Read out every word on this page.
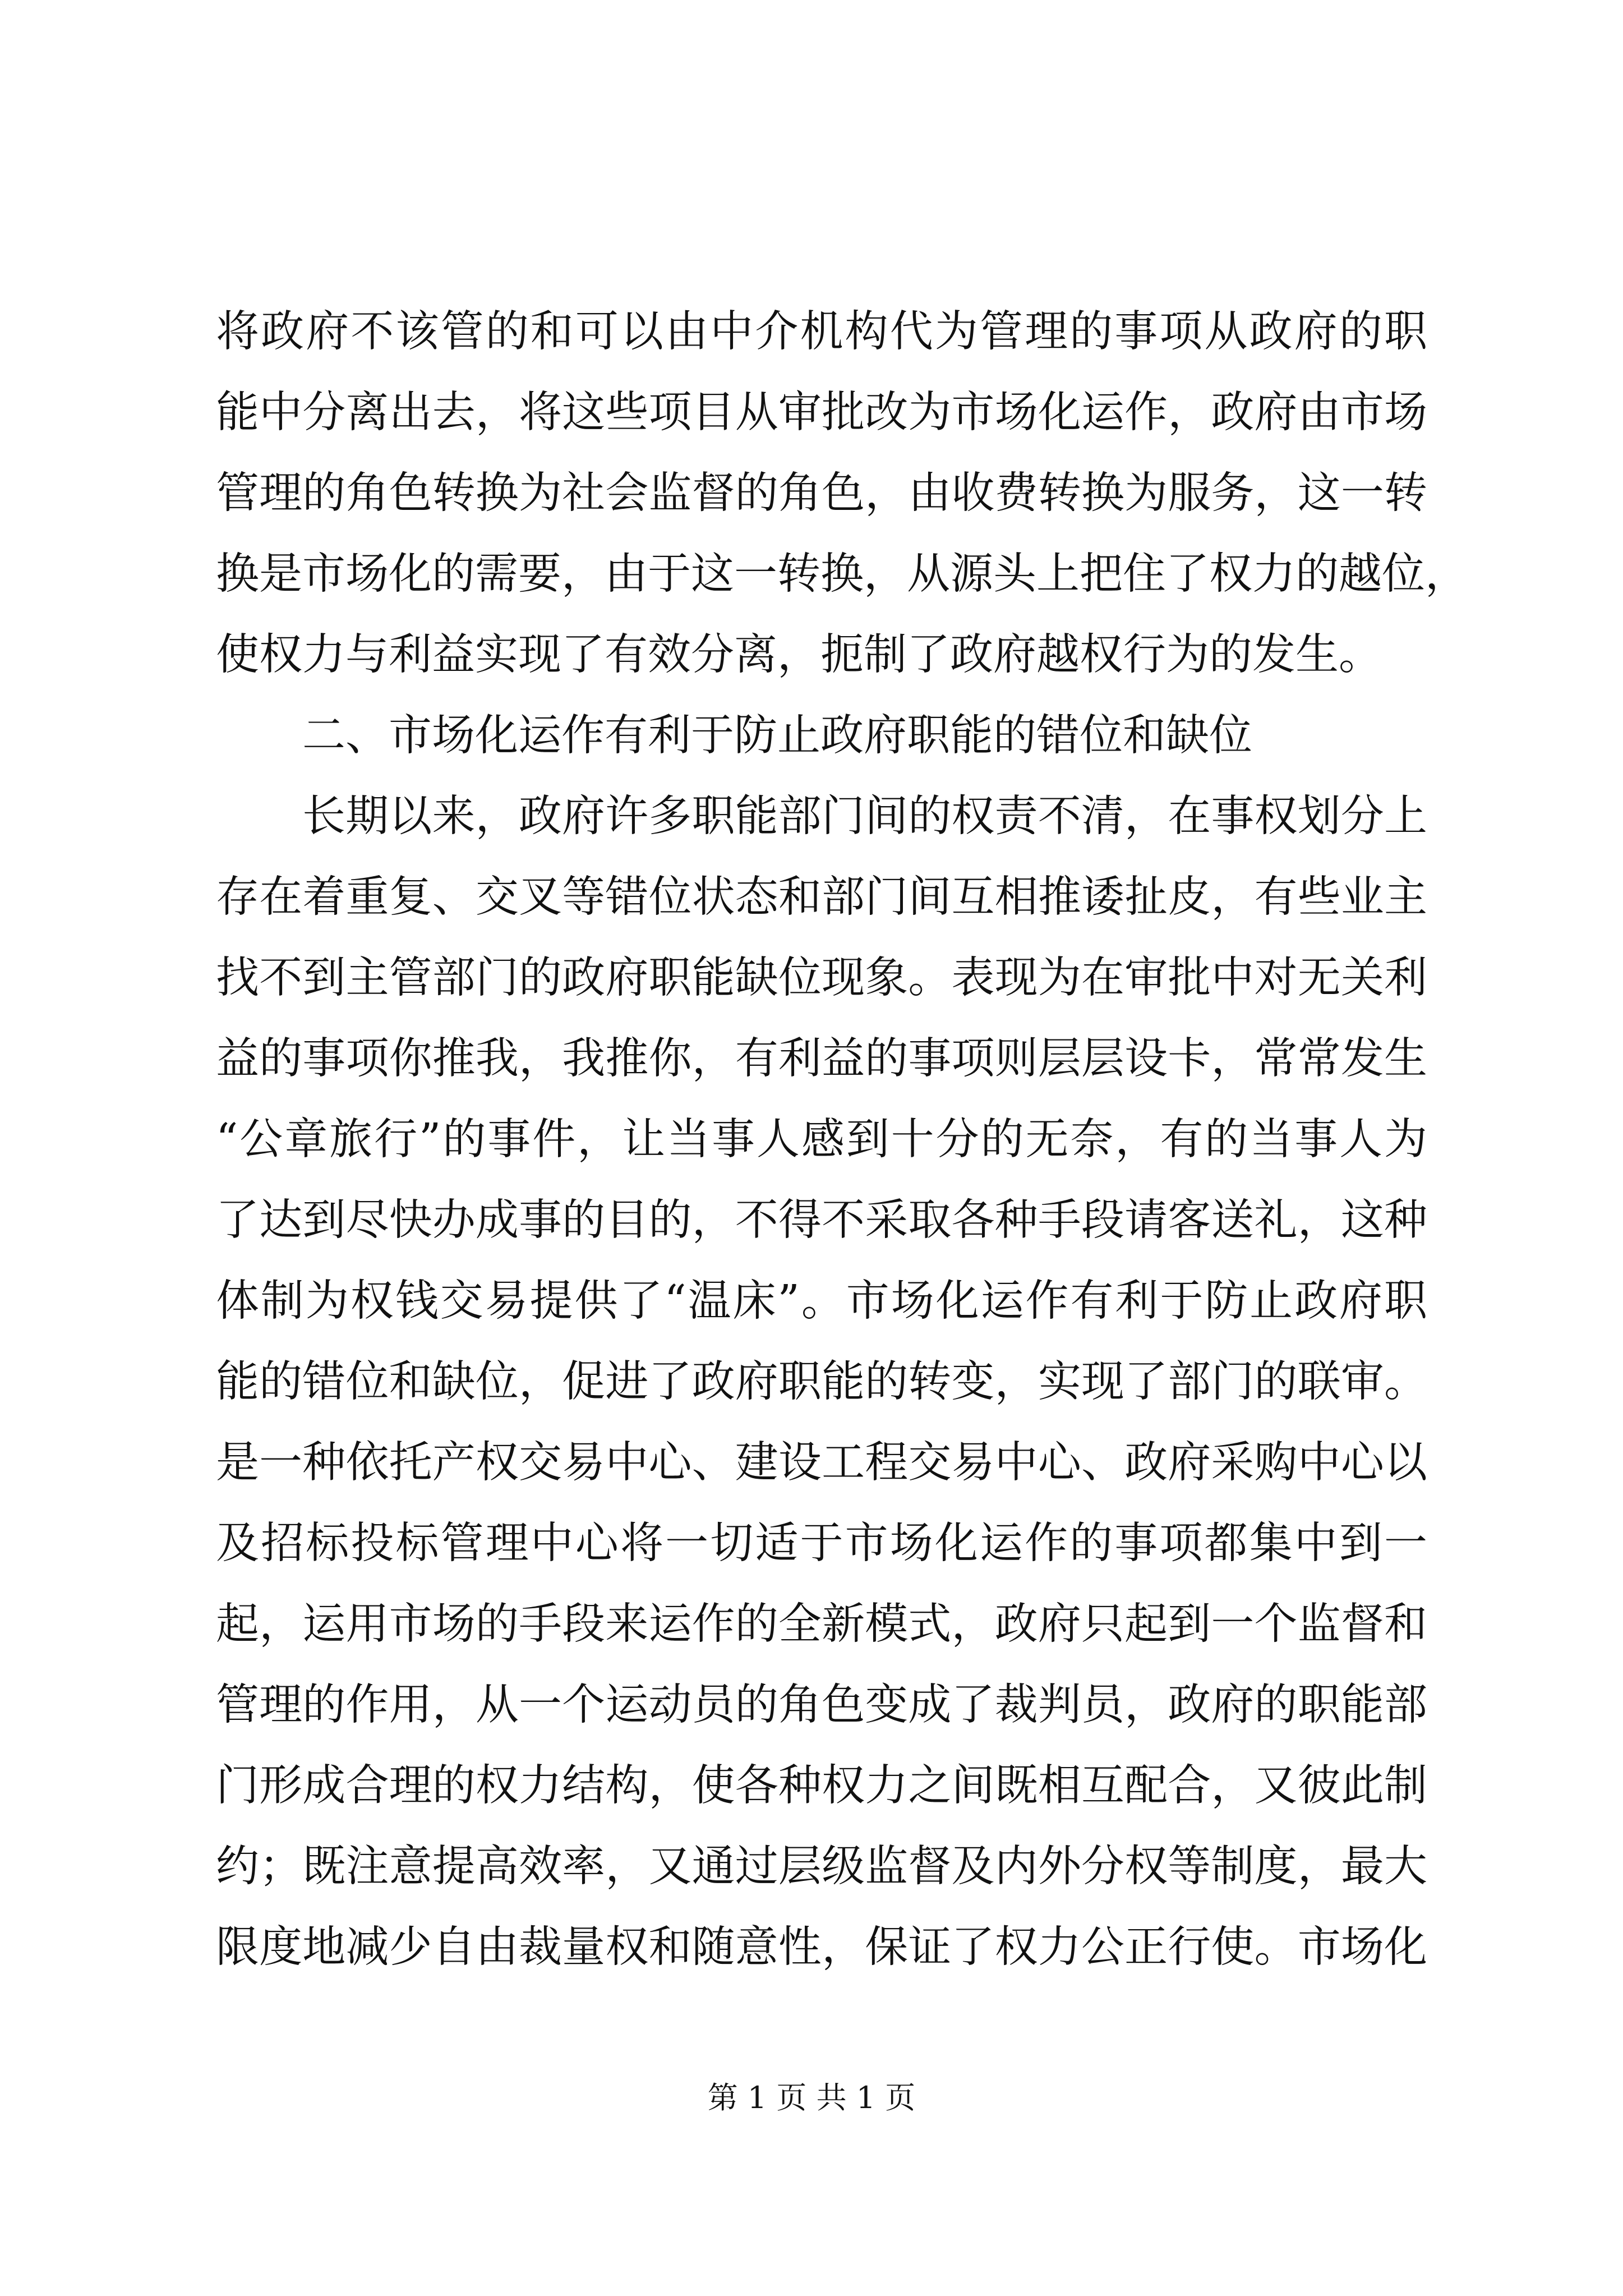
将政府不该管的和可以由中介机构代为管理的事项从政府的职
能中分离出去，将这些项目从审批改为市场化运作，政府由市场
管理的角色转换为社会监督的角色，由收费转换为服务，这一转
换是市场化的需要，由于这一转换，从源头上把住了权力的越位，
使权力与利益实现了有效分离，扼制了政府越权行为的发生。
二、市场化运作有利于防止政府职能的错位和缺位
长期以来，政府许多职能部门间的权责不清，在事权划分上
存在着重复、交叉等错位状态和部门间互相推诿扯皮，有些业主
找不到主管部门的政府职能缺位现象。表现为在审批中对无关利
益的事项你推我，我推你，有利益的事项则层层设卡，常常发生
“公章旅行”的事件，让当事人感到十分的无奈，有的当事人为
了达到尽快办成事的目的，不得不采取各种手段请客送礼，这种
体制为权钱交易提供了“温床”。市场化运作有利于防止政府职
能的错位和缺位，促进了政府职能的转变，实现了部门的联审。
是一种依托产权交易中心、建设工程交易中心、政府采购中心以
及招标投标管理中心将一切适于市场化运作的事项都集中到一
起，运用市场的手段来运作的全新模式，政府只起到一个监督和
管理的作用，从一个运动员的角色变成了裁判员，政府的职能部
门形成合理的权力结构，使各种权力之间既相互配合，又彼此制
约；既注意提高效率，又通过层级监督及内外分权等制度，最大
限度地减少自由裁量权和随意性，保证了权力公正行使。市场化
第 1 页 共 1 页
